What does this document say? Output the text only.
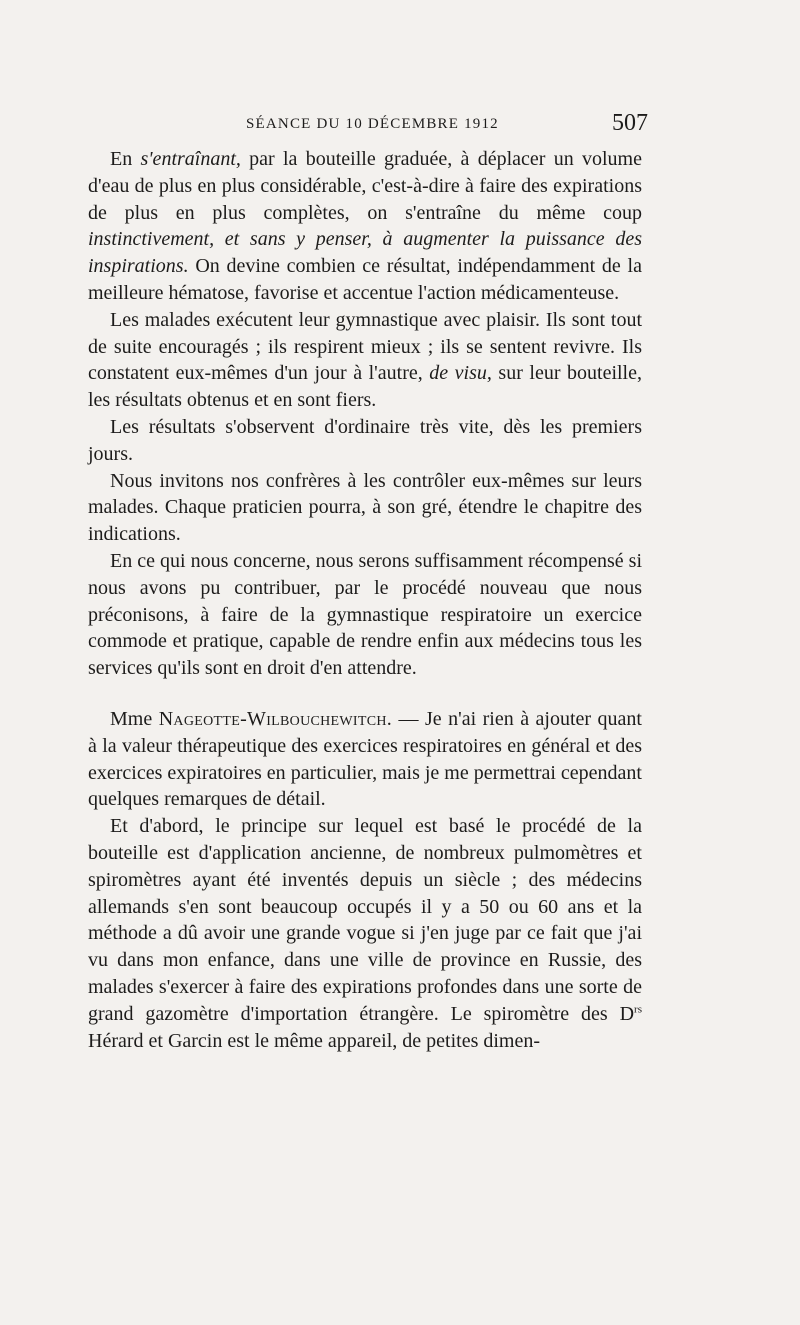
SÉANCE DU 10 DÉCEMBRE 1912	507

En s'entraînant, par la bouteille graduée, à déplacer un volume d'eau de plus en plus considérable, c'est-à-dire à faire des expirations de plus en plus complètes, on s'entraîne du même coup instinctivement, et sans y penser, à augmenter la puissance des inspirations. On devine combien ce résultat, indépendamment de la meilleure hématose, favorise et accentue l'action médicamenteuse.

Les malades exécutent leur gymnastique avec plaisir. Ils sont tout de suite encouragés ; ils respirent mieux ; ils se sentent revivre. Ils constatent eux-mêmes d'un jour à l'autre, de visu, sur leur bouteille, les résultats obtenus et en sont fiers.

Les résultats s'observent d'ordinaire très vite, dès les premiers jours.

Nous invitons nos confrères à les contrôler eux-mêmes sur leurs malades. Chaque praticien pourra, à son gré, étendre le chapitre des indications.

En ce qui nous concerne, nous serons suffisamment récompensé si nous avons pu contribuer, par le procédé nouveau que nous préconisons, à faire de la gymnastique respiratoire un exercice commode et pratique, capable de rendre enfin aux médecins tous les services qu'ils sont en droit d'en attendre.

Mme Nageotte-Wilbouchewitch. — Je n'ai rien à ajouter quant à la valeur thérapeutique des exercices respiratoires en général et des exercices expiratoires en particulier, mais je me permettrai cependant quelques remarques de détail.

Et d'abord, le principe sur lequel est basé le procédé de la bouteille est d'application ancienne, de nombreux pulmomètres et spiromètres ayant été inventés depuis un siècle ; des médecins allemands s'en sont beaucoup occupés il y a 50 ou 60 ans et la méthode a dû avoir une grande vogue si j'en juge par ce fait que j'ai vu dans mon enfance, dans une ville de province en Russie, des malades s'exercer à faire des expirations profondes dans une sorte de grand gazomètre d'importation étrangère. Le spiromètre des $D^{rs}$ Hérard et Garcin est le même appareil, de petites dimen-
